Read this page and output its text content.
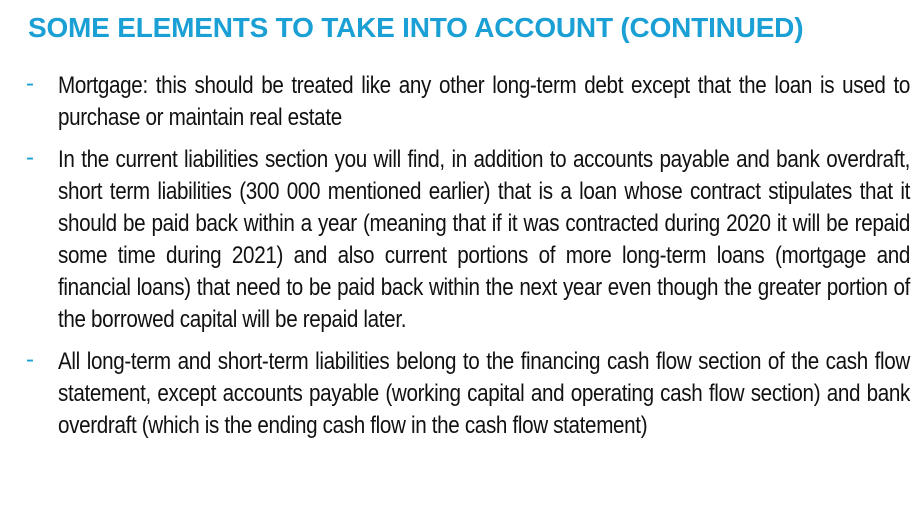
SOME ELEMENTS TO TAKE INTO ACCOUNT (CONTINUED)
-	Mortgage: this should be treated like any other long-term debt except that the loan is used to purchase or maintain real estate
-	In the current liabilities section you will find, in addition to accounts payable and bank overdraft, short term liabilities (300 000 mentioned earlier) that is a loan whose contract stipulates that it should be paid back within a year (meaning that if it was contracted during 2020 it will be repaid some time during 2021) and also current portions of more long-term loans (mortgage and financial loans) that need to be paid back within the next year even though the greater portion of the borrowed capital will be repaid later.
-	All long-term and short-term liabilities belong to the financing cash flow section of the cash flow statement, except accounts payable (working capital and operating cash flow section) and bank overdraft (which is the ending cash flow in the cash flow statement)
